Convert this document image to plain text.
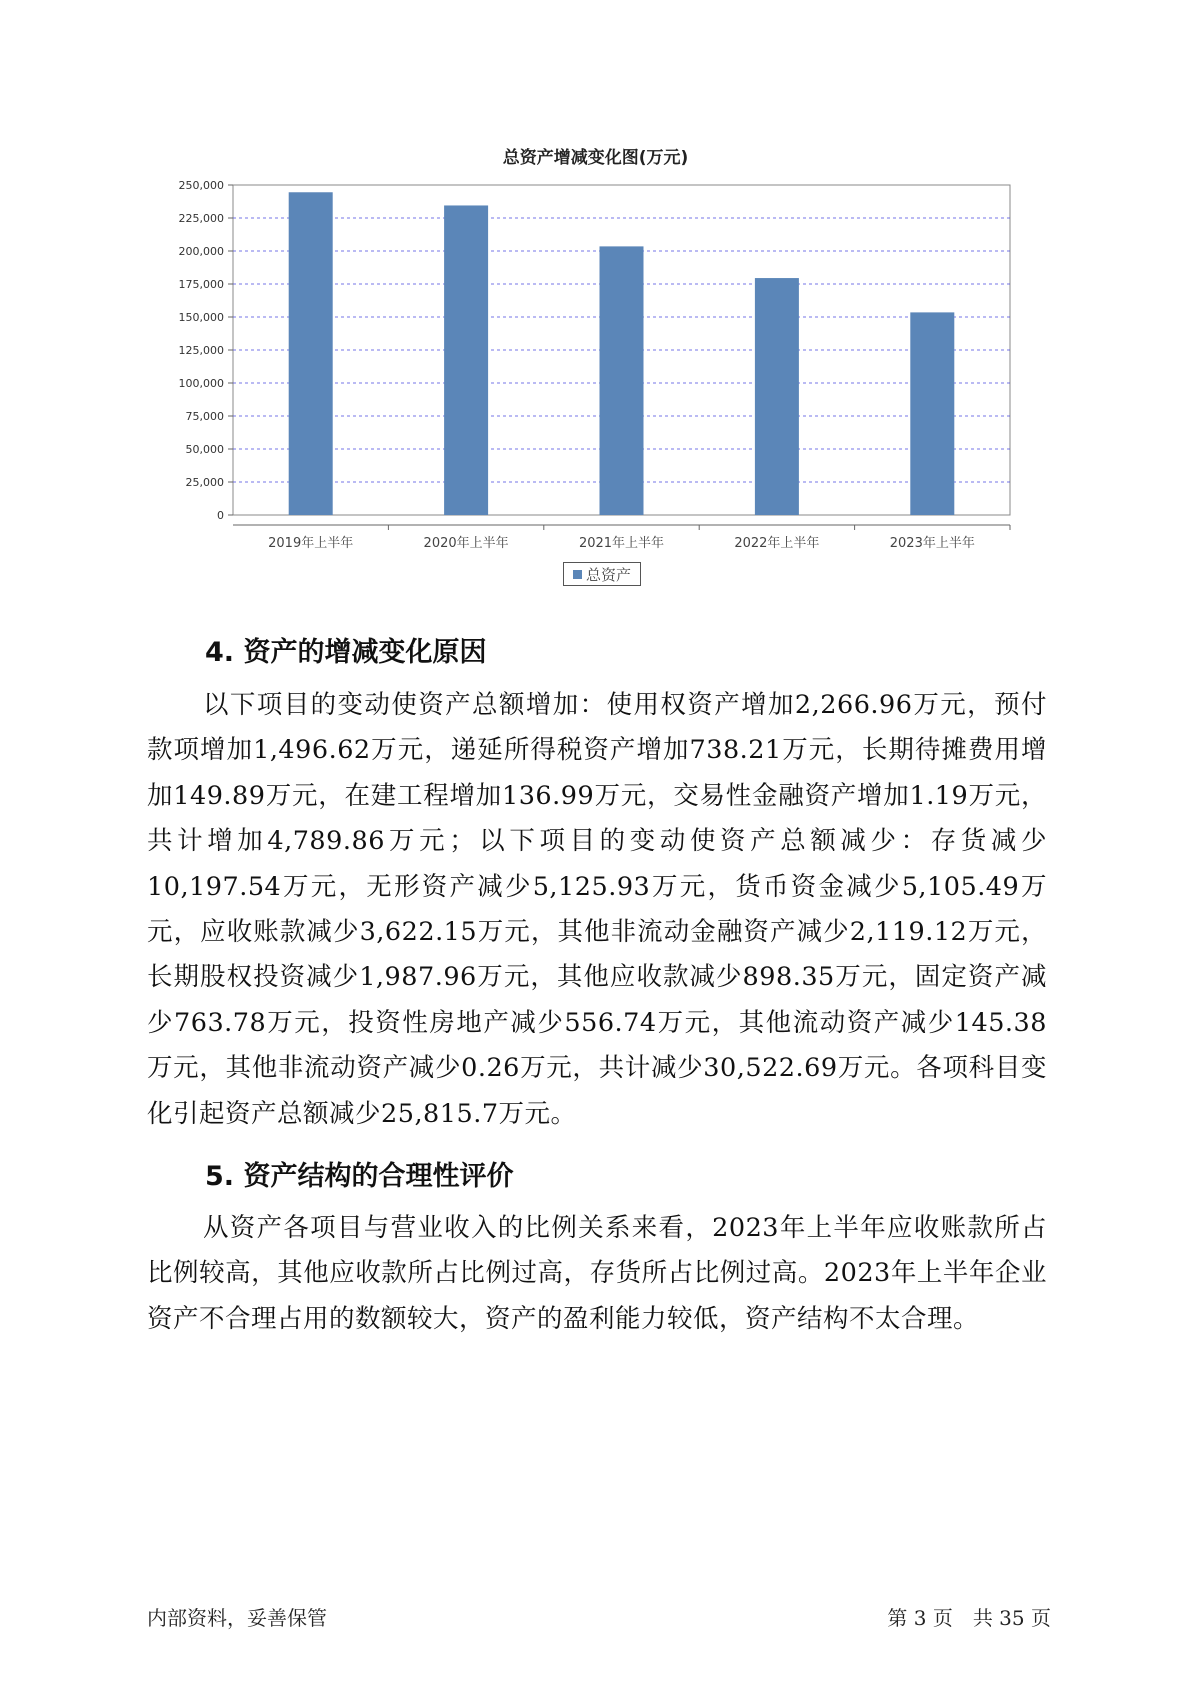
总资产增减变化图(万元)
0
25,000
50,000
75,000
100,000
125,000
150,000
175,000
200,000
225,000
250,000
2019年上半年	2020年上半年	2021年上半年	2022年上半年	2023年上半年
总资产
4. 资产的增减变化原因

以下项目的变动使资产总额增加：使用权资产增加2,266.96万元，预付款项增加1,496.62万元，递延所得税资产增加738.21万元，长期待摊费用增加149.89万元，在建工程增加136.99万元，交易性金融资产增加1.19万元，共计增加4,789.86万元；以下项目的变动使资产总额减少：存货减少10,197.54万元，无形资产减少5,125.93万元，货币资金减少5,105.49万元，应收账款减少3,622.15万元，其他非流动金融资产减少2,119.12万元，长期股权投资减少1,987.96万元，其他应收款减少898.35万元，固定资产减少763.78万元，投资性房地产减少556.74万元，其他流动资产减少145.38万元，其他非流动资产减少0.26万元，共计减少30,522.69万元。各项科目变化引起资产总额减少25,815.7万元。

5. 资产结构的合理性评价

从资产各项目与营业收入的比例关系来看，2023年上半年应收账款所占比例较高，其他应收款所占比例过高，存货所占比例过高。2023年上半年企业资产不合理占用的数额较大，资产的盈利能力较低，资产结构不太合理。

内部资料，妥善保管	第 3 页　共 35 页
